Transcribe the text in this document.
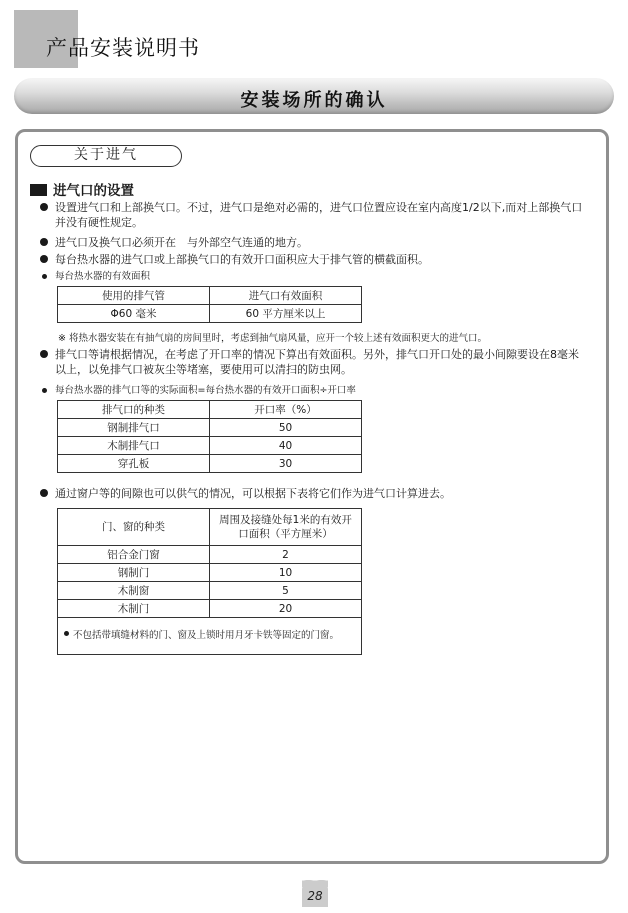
产品安装说明书
安装场所的确认
关于进气
进气口的设置
设置进气口和上部换气口。不过，进气口是绝对必需的，进气口位置应设在室内高度1/2以下,而对上部换气口并没有硬性规定。
进气口及换气口必须开在　与外部空气连通的地方。
每台热水器的进气口或上部换气口的有效开口面积应大于排气管的横截面积。
每台热水器的有效面积
使用的排气管	进气口有效面积
Φ60 毫米	60 平方厘米以上
※ 将热水器安装在有抽气扇的房间里时，考虑到抽气扇风量，应开一个较上述有效面积更大的进气口。
排气口等请根据情况，在考虑了开口率的情况下算出有效面积。另外，排气口开口处的最小间隙要设在8毫米以上，以免排气口被灰尘等堵塞，要使用可以清扫的防虫网。
每台热水器的排气口等的实际面积=每台热水器的有效开口面积÷开口率
排气口的种类	开口率（%）
钢制排气口	50
木制排气口	40
穿孔板	30
通过窗户等的间隙也可以供气的情况，可以根据下表将它们作为进气口计算进去。
门、窗的种类	周围及接缝处每1米的有效开口面积（平方厘米）
铝合金门窗	2
钢制门	10
木制窗	5
木制门	20
不包括带填缝材料的门、窗及上锁时用月牙卡铁等固定的门窗。	
28
